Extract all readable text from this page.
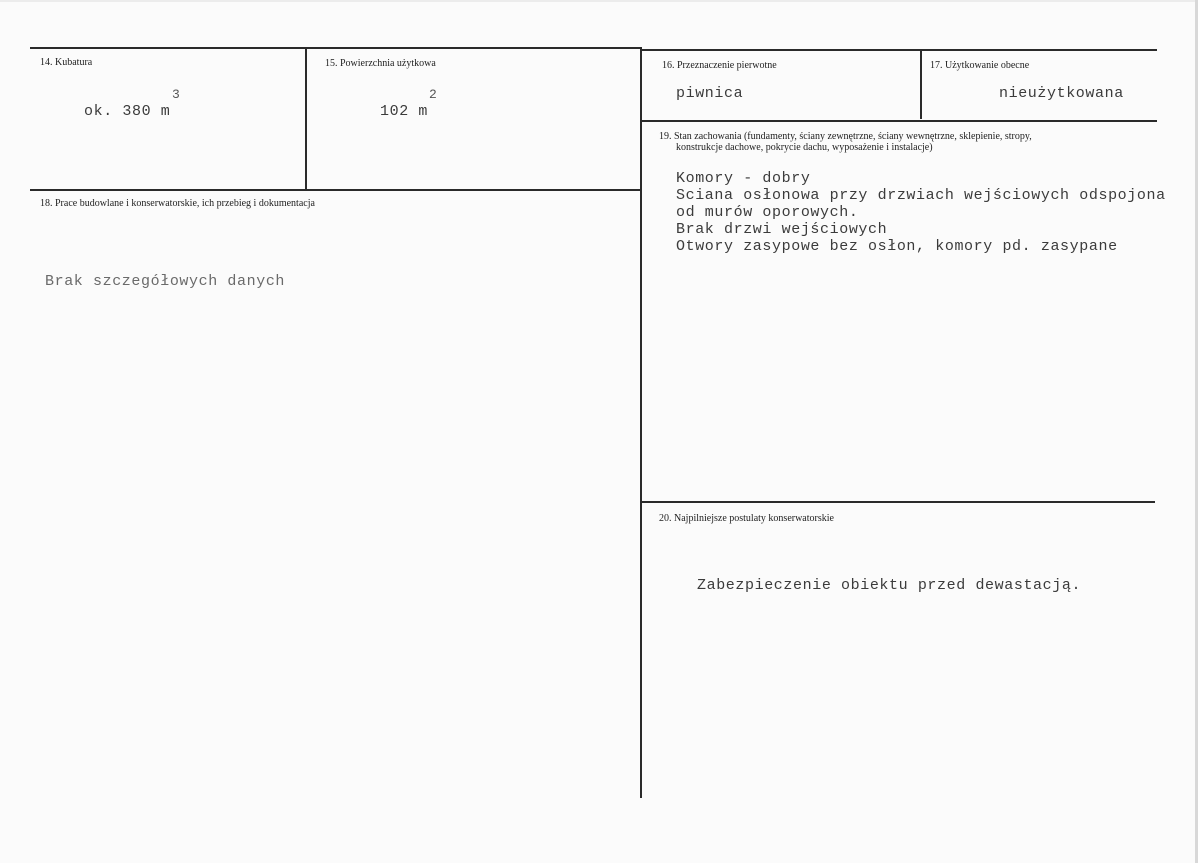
14. Kubatura
3
ok. 380 m
15. Powierzchnia użytkowa
2
102 m
16. Przeznaczenie pierwotne
piwnica
17. Użytkowanie obecne
nieużytkowana
18. Prace budowlane i konserwatorskie, ich przebieg i dokumentacja
Brak szczegółowych danych
19. Stan zachowania (fundamenty, ściany zewnętrzne, ściany wewnętrzne, sklepienie, stropy,
konstrukcje dachowe, pokrycie dachu, wyposażenie i instalacje)
Komory - dobry
Sciana osłonowa przy drzwiach wejściowych odspojona
od murów oporowych.
Brak drzwi wejściowych
Otwory zasypowe bez osłon, komory pd. zasypane
20. Najpilniejsze postulaty konserwatorskie
Zabezpieczenie obiektu przed dewastacją.
